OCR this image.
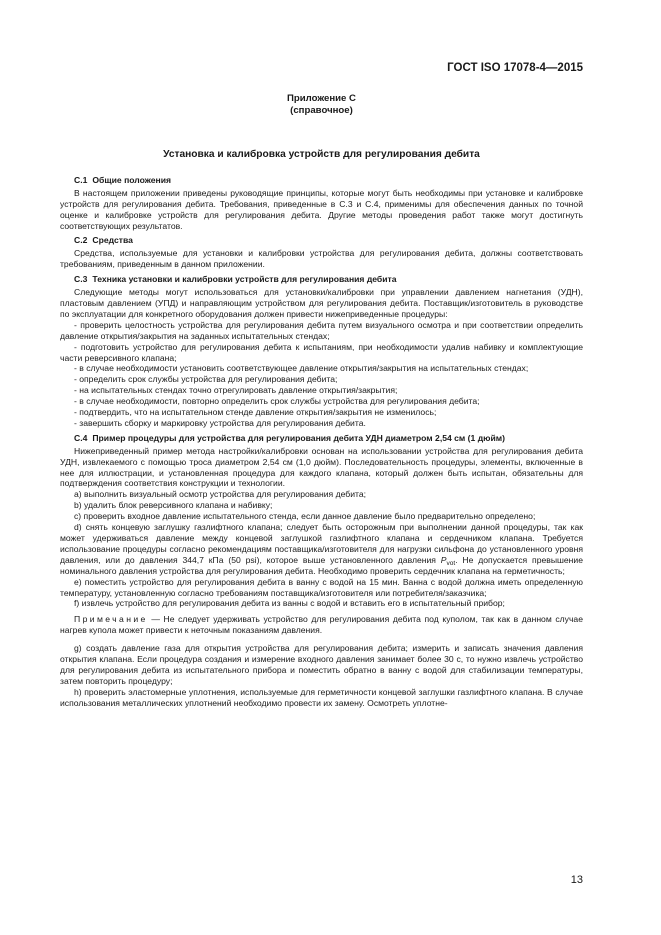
ГОСТ ISO 17078-4—2015
Приложение С
(справочное)
Установка и калибровка устройств для регулирования дебита
С.1 Общие положения

В настоящем приложении приведены руководящие принципы, которые могут быть необходимы при установке и калибровке устройств для регулирования дебита. Требования, приведенные в С.3 и С.4, применимы для обеспечения данных по точной оценке и калибровке устройств для регулирования дебита. Другие методы проведения работ также могут достигнуть соответствующих результатов.

С.2 Средства

Средства, используемые для установки и калибровки устройства для регулирования дебита, должны соответствовать требованиям, приведенным в данном приложении.

С.3 Техника установки и калибровки устройств для регулирования дебита

Следующие методы могут использоваться для установки/калибровки при управлении давлением нагнетания (УДН), пластовым давлением (УПД) и направляющим устройством для регулирования дебита. Поставщик/изготовитель в руководстве по эксплуатации для конкретного оборудования должен привести нижеприведенные процедуры:

- проверить целостность устройства для регулирования дебита путем визуального осмотра и при соответствии определить давление открытия/закрытия на заданных испытательных стендах;

- подготовить устройство для регулирования дебита к испытаниям, при необходимости удалив набивку и комплектующие части реверсивного клапана;

- в случае необходимости установить соответствующее давление открытия/закрытия на испытательных стендах;

- определить срок службы устройства для регулирования дебита;

- на испытательных стендах точно отрегулировать давление открытия/закрытия;

- в случае необходимости, повторно определить срок службы устройства для регулирования дебита;

- подтвердить, что на испытательном стенде давление открытия/закрытия не изменилось;

- завершить сборку и маркировку устройства для регулирования дебита.

С.4 Пример процедуры для устройства для регулирования дебита УДН диаметром 2,54 см (1 дюйм)

Нижеприведенный пример метода настройки/калибровки основан на использовании устройства для регулирования дебита УДН, извлекаемого с помощью троса диаметром 2,54 см (1,0 дюйм). Последовательность процедуры, элементы, включенные в нее для иллюстрации, и установленная процедура для каждого клапана, который должен быть испытан, обязательны для подтверждения соответствия конструкции и технологии.

а) выполнить визуальный осмотр устройства для регулирования дебита;

b) удалить блок реверсивного клапана и набивку;

с) проверить входное давление испытательного стенда, если данное давление было предварительно определено;

d) снять концевую заглушку газлифтного клапана; следует быть осторожным при выполнении данной процедуры, так как может удерживаться давление между концевой заглушкой газлифтного клапана и сердечником клапана. Требуется использование процедуры согласно рекомендациям поставщика/изготовителя для нагрузки сильфона до установленного уровня давления, или до давления 344,7 кПа (50 psi), которое выше установленного давления $P_{vot}$. Не допускается превышение номинального давления устройства для регулирования дебита. Необходимо проверить сердечник клапана на герметичность;

е) поместить устройство для регулирования дебита в ванну с водой на 15 мин. Ванна с водой должна иметь определенную температуру, установленную согласно требованиям поставщика/изготовителя или потребителя/заказчика;

f) извлечь устройство для регулирования дебита из ванны с водой и вставить его в испытательный прибор;

Примечание — Не следует удерживать устройство для регулирования дебита под куполом, так как в данном случае нагрев купола может привести к неточным показаниям давления.

g) создать давление газа для открытия устройства для регулирования дебита; измерить и записать значения давления открытия клапана. Если процедура создания и измерение входного давления занимает более 30 с, то нужно извлечь устройство для регулирования дебита из испытательного прибора и поместить обратно в ванну с водой для стабилизации температуры, затем повторить процедуру;

h) проверить эластомерные уплотнения, используемые для герметичности концевой заглушки газлифтного клапана. В случае использования металлических уплотнений необходимо провести их замену. Осмотреть уплотне-

13
